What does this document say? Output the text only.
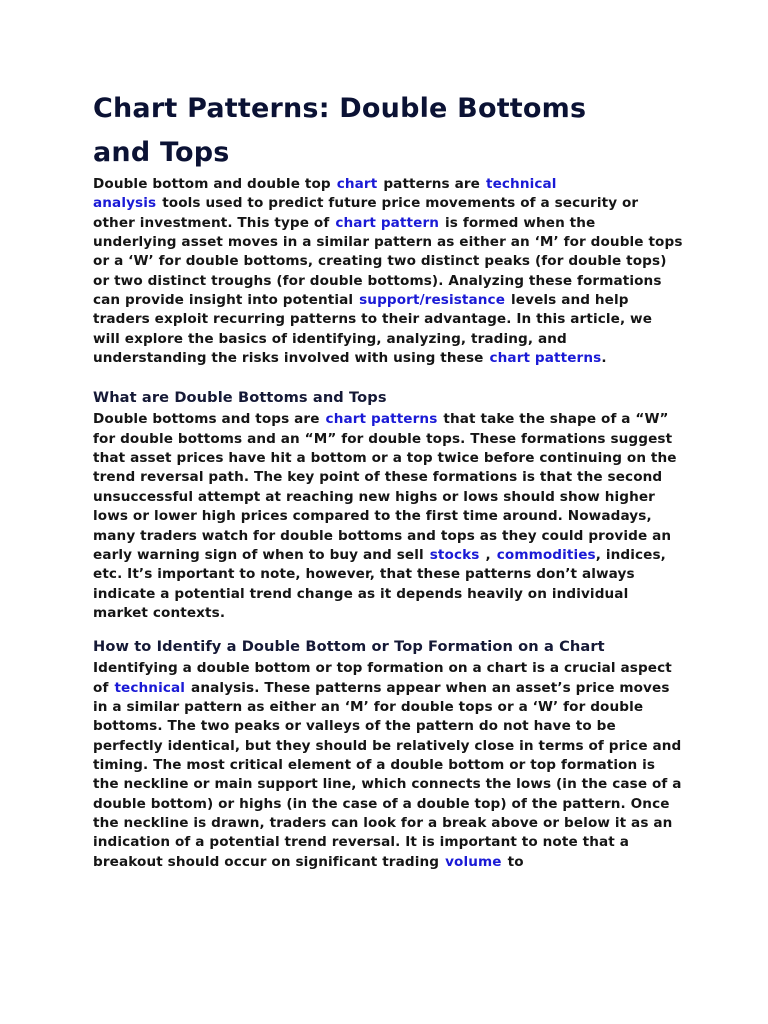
Chart Patterns: Double Bottoms
and Tops

Double bottom and double top chart patterns are technical
analysis tools used to predict future price movements of a security or other investment. This type of chart pattern is formed when the underlying asset moves in a similar pattern as either an ‘M’ for double tops or a ‘W’ for double bottoms, creating two distinct peaks (for double tops) or two distinct troughs (for double bottoms). Analyzing these formations can provide insight into potential support/resistance levels and help traders exploit recurring patterns to their advantage. In this article, we will explore the basics of identifying, analyzing, trading, and understanding the risks involved with using these chart patterns.

What are Double Bottoms and Tops

Double bottoms and tops are chart patterns that take the shape of a “W” for double bottoms and an “M” for double tops. These formations suggest that asset prices have hit a bottom or a top twice before continuing on the trend reversal path. The key point of these formations is that the second unsuccessful attempt at reaching new highs or lows should show higher lows or lower high prices compared to the first time around. Nowadays, many traders watch for double bottoms and tops as they could provide an early warning sign of when to buy and sell stocks , commodities, indices, etc. It’s important to note, however, that these patterns don’t always indicate a potential trend change as it depends heavily on individual market contexts.

How to Identify a Double Bottom or Top Formation on a Chart

Identifying a double bottom or top formation on a chart is a crucial aspect of technical analysis. These patterns appear when an asset’s price moves in a similar pattern as either an ‘M’ for double tops or a ‘W’ for double bottoms. The two peaks or valleys of the pattern do not have to be perfectly identical, but they should be relatively close in terms of price and timing. The most critical element of a double bottom or top formation is the neckline or main support line, which connects the lows (in the case of a double bottom) or highs (in the case of a double top) of the pattern. Once the neckline is drawn, traders can look for a break above or below it as an indication of a potential trend reversal. It is important to note that a breakout should occur on significant trading volume to
